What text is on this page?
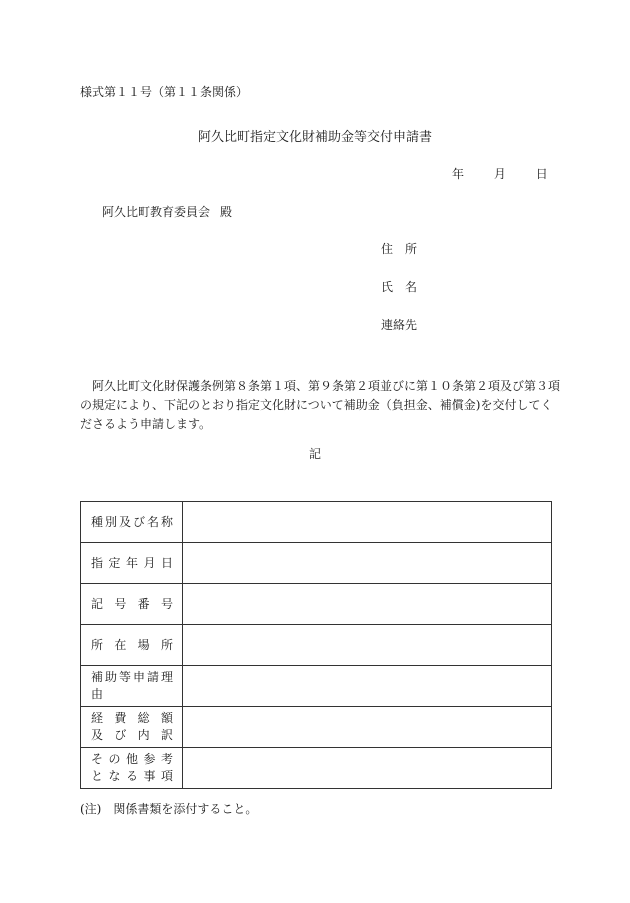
様式第１１号（第１１条関係）
阿久比町指定文化財補助金等交付申請書
年 月 日
阿久比町教育委員会 殿
住　所
氏　名
連絡先
阿久比町文化財保護条例第８条第１項、第９条第２項並びに第１０条第２項及び第３項
の規定により、下記のとおり指定文化財について補助金（負担金、補償金)を交付してく
ださるよう申請します。
記
種別及び名称	

指定年月日	

記号番号	

所在場所	

補助等申請理由	

経費総額
及び内訳	

その他参考
となる事項	

(注) 関係書類を添付すること。
